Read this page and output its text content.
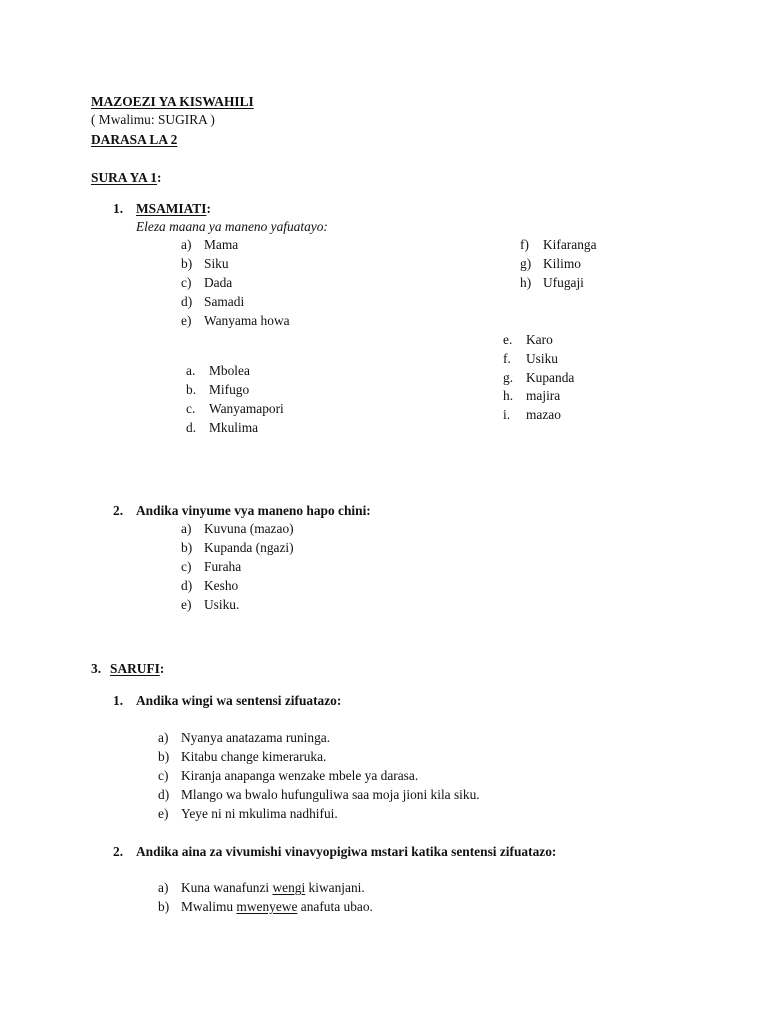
MAZOEZI YA KISWAHILI
( Mwalimu: SUGIRA )
DARASA LA 2
SURA YA 1:
1. MSAMIATI:
Eleza maana ya maneno yafuatayo:
a) Mama
b) Siku
c) Dada
d) Samadi
e) Wanyama howa
f) Kifaranga
g) Kilimo
h) Ufugaji
e. Karo
f. Usiku
g. Kupanda
h. majira
i. mazao
a. Mbolea
b. Mifugo
c. Wanyamapori
d. Mkulima
2. Andika vinyume vya maneno hapo chini:
a) Kuvuna (mazao)
b) Kupanda (ngazi)
c) Furaha
d) Kesho
e) Usiku.
3. SARUFI:
1. Andika wingi wa sentensi zifuatazo:
a) Nyanya anatazama runinga.
b) Kitabu change kimeraruka.
c) Kiranja anapanga wenzake mbele ya darasa.
d) Mlango wa bwalo hufunguliwa saa moja jioni kila siku.
e) Yeye ni ni mkulima nadhifui.
2. Andika aina za vivumishi vinavyopigiwa mstari katika sentensi zifuatazo:
a) Kuna wanafunzi wengi kiwanjani.
b) Mwalimu mwenyewe anafuta ubao.
